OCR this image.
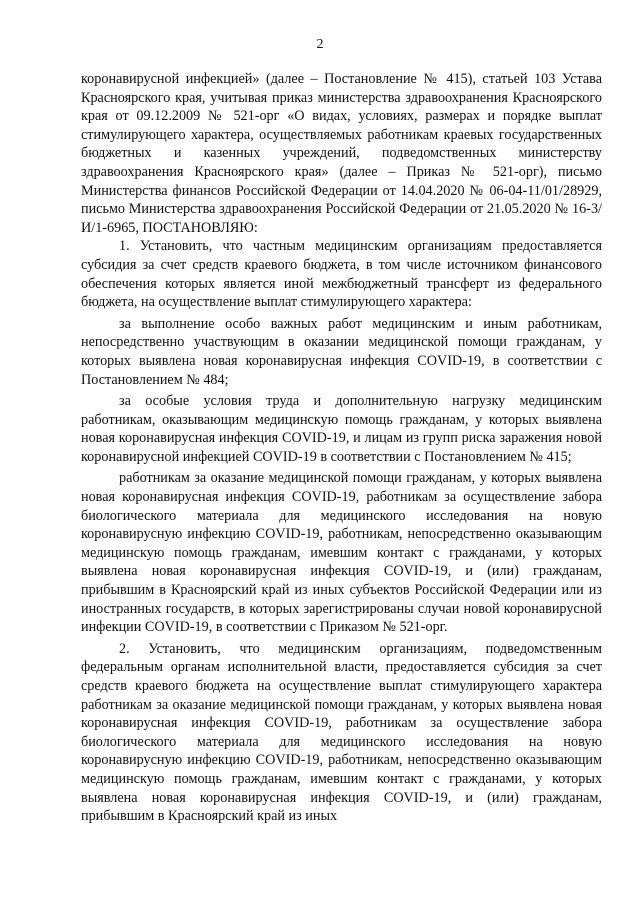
2

коронавирусной инфекцией» (далее – Постановление № 415), статьей 103 Устава Красноярского края, учитывая приказ министерства здравоохранения Красноярского края от 09.12.2009 № 521-орг «О видах, условиях, размерах и порядке выплат стимулирующего характера, осуществляемых работникам краевых государственных бюджетных и казенных учреждений, подведомственных министерству здравоохранения Красноярского края» (далее – Приказ № 521-орг), письмо Министерства финансов Российской Федерации от 14.04.2020 № 06-04-11/01/28929, письмо Министерства здравоохранения Российской Федерации от 21.05.2020 № 16-3/И/1-6965, ПОСТАНОВЛЯЮ:

1. Установить, что частным медицинским организациям предоставляется субсидия за счет средств краевого бюджета, в том числе источником финансового обеспечения которых является иной межбюджетный трансферт из федерального бюджета, на осуществление выплат стимулирующего характера:

за выполнение особо важных работ медицинским и иным работникам, непосредственно участвующим в оказании медицинской помощи гражданам, у которых выявлена новая коронавирусная инфекция COVID-19, в соответствии с Постановлением № 484;

за особые условия труда и дополнительную нагрузку медицинским работникам, оказывающим медицинскую помощь гражданам, у которых выявлена новая коронавирусная инфекция COVID-19, и лицам из групп риска заражения новой коронавирусной инфекцией COVID-19 в соответствии с Постановлением № 415;

работникам за оказание медицинской помощи гражданам, у которых выявлена новая коронавирусная инфекция COVID-19, работникам за осуществление забора биологического материала для медицинского исследования на новую коронавирусную инфекцию COVID-19, работникам, непосредственно оказывающим медицинскую помощь гражданам, имевшим контакт с гражданами, у которых выявлена новая коронавирусная инфекция COVID-19, и (или) гражданам, прибывшим в Красноярский край из иных субъектов Российской Федерации или из иностранных государств, в которых зарегистрированы случаи новой коронавирусной инфекции COVID-19, в соответствии с Приказом № 521-орг.

2. Установить, что медицинским организациям, подведомственным федеральным органам исполнительной власти, предоставляется субсидия за счет средств краевого бюджета на осуществление выплат стимулирующего характера работникам за оказание медицинской помощи гражданам, у которых выявлена новая коронавирусная инфекция COVID-19, работникам за осуществление забора биологического материала для медицинского исследования на новую коронавирусную инфекцию COVID-19, работникам, непосредственно оказывающим медицинскую помощь гражданам, имевшим контакт с гражданами, у которых выявлена новая коронавирусная инфекция COVID-19, и (или) гражданам, прибывшим в Красноярский край из иных
